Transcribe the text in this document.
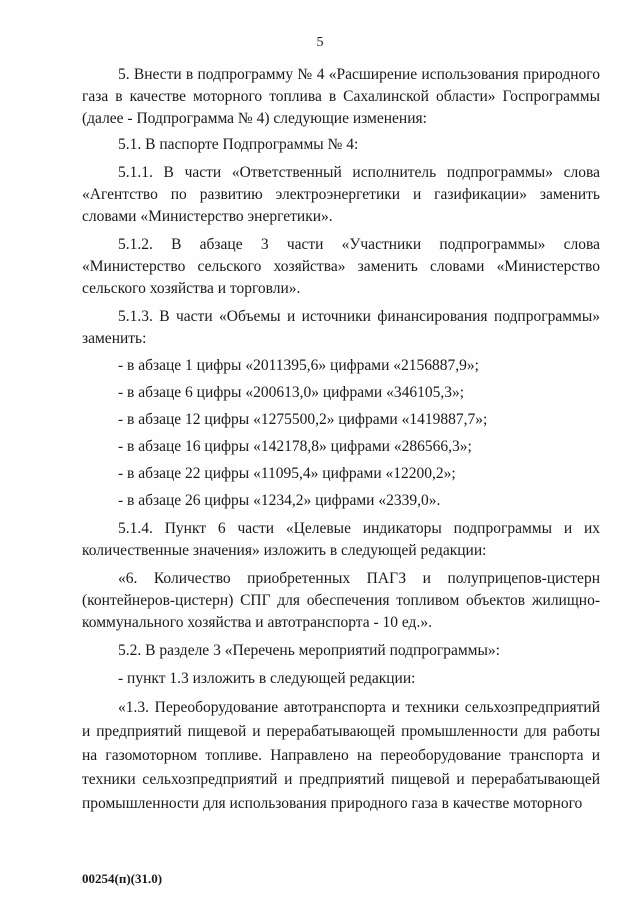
5

5. Внести в подпрограмму № 4 «Расширение использования природного газа в качестве моторного топлива в Сахалинской области» Госпрограммы (далее - Подпрограмма № 4) следующие изменения:

5.1. В паспорте Подпрограммы № 4:

5.1.1. В части «Ответственный исполнитель подпрограммы» слова «Агентство по развитию электроэнергетики и газификации» заменить словами «Министерство энергетики».

5.1.2. В абзаце 3 части «Участники подпрограммы» слова «Министерство сельского хозяйства» заменить словами «Министерство сельского хозяйства и торговли».

5.1.3. В части «Объемы и источники финансирования подпрограммы» заменить:

- в абзаце 1 цифры «2011395,6» цифрами «2156887,9»;
- в абзаце 6 цифры «200613,0» цифрами «346105,3»;
- в абзаце 12 цифры «1275500,2» цифрами «1419887,7»;
- в абзаце 16 цифры «142178,8» цифрами «286566,3»;
- в абзаце 22 цифры «11095,4» цифрами «12200,2»;
- в абзаце 26 цифры «1234,2» цифрами «2339,0».

5.1.4. Пункт 6 части «Целевые индикаторы подпрограммы и их количественные значения» изложить в следующей редакции:

«6. Количество приобретенных ПАГЗ и полуприцепов-цистерн (контейнеров-цистерн) СПГ для обеспечения топливом объектов жилищно-коммунального хозяйства и автотранспорта - 10 ед.».

5.2. В разделе 3 «Перечень мероприятий подпрограммы»:

- пункт 1.3 изложить в следующей редакции:

«1.3. Переоборудование автотранспорта и техники сельхозпредприятий и предприятий пищевой и перерабатывающей промышленности для работы на газомоторном топливе. Направлено на переоборудование транспорта и техники сельхозпредприятий и предприятий пищевой и перерабатывающей промышленности для использования природного газа в качестве моторного

00254(п)(31.0)
